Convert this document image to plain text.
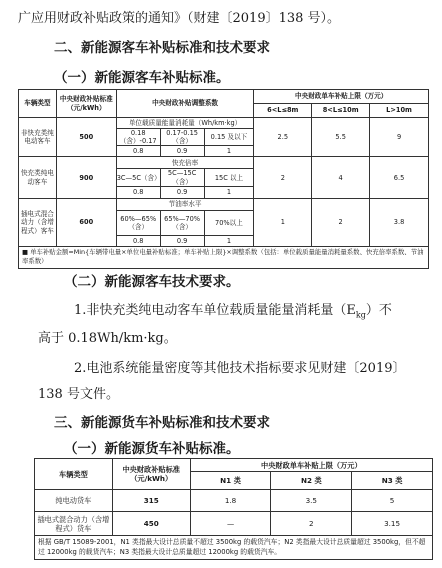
广应用财政补贴政策的通知》（财建〔2019〕138 号）。
二、新能源客车补贴标准和技术要求
（一）新能源客车补贴标准。
车辆类型	中央财政补贴标准（元/kWh）	中央财政补贴调整系数			中央财政单车补贴上限（万元）		
					6<L≤8m	8<L≤10m	L>10m
非快充类纯电动客车	500	单位载质量能量消耗量（Wh/km·kg）			2.5	5.5	9
		0.18（含）-0.17	0.17-0.15（含）	0.15 及以下			
		0.8	0.9	1			
快充类纯电动客车	900	快充倍率			2	4	6.5
		3C—5C（含）	5C—15C（含）	15C 以上			
		0.8	0.9	1			
插电式混合动力（含增程式）客车	600	节油率水平			1	2	3.8
		60%—65%（含）	65%—70%（含）	70%以上			
		0.8	0.9	1			
■ 单车补贴金额=Min{车辆带电量×单位电量补贴标准；单车补贴上限}×调整系数（包括：单位载质量能量消耗量系数、快充倍率系数、节油率系数）							
（二）新能源客车技术要求。
1.非快充类纯电动客车单位载质量能量消耗量$(E_{kg})$不
高于 0.18Wh/km·kg。
2.电池系统能量密度等其他技术指标要求见财建〔2019〕
138 号文件。
三、新能源货车补贴标准和技术要求
（一）新能源货车补贴标准。
车辆类型	中央财政补贴标准（元/kWh）	中央财政单车补贴上限（万元）		
		N1 类	N2 类	N3 类
纯电动货车	315	1.8	3.5	5
插电式混合动力（含增程式）货车	450	—	2	3.15
根据 GB/T 15089-2001，N1 类指最大设计总质量不超过 3500kg 的载货汽车；N2 类指最大设计总质量超过 3500kg，但不超过 12000kg 的载货汽车；N3 类指最大设计总质量超过 12000kg 的载货汽车。				
